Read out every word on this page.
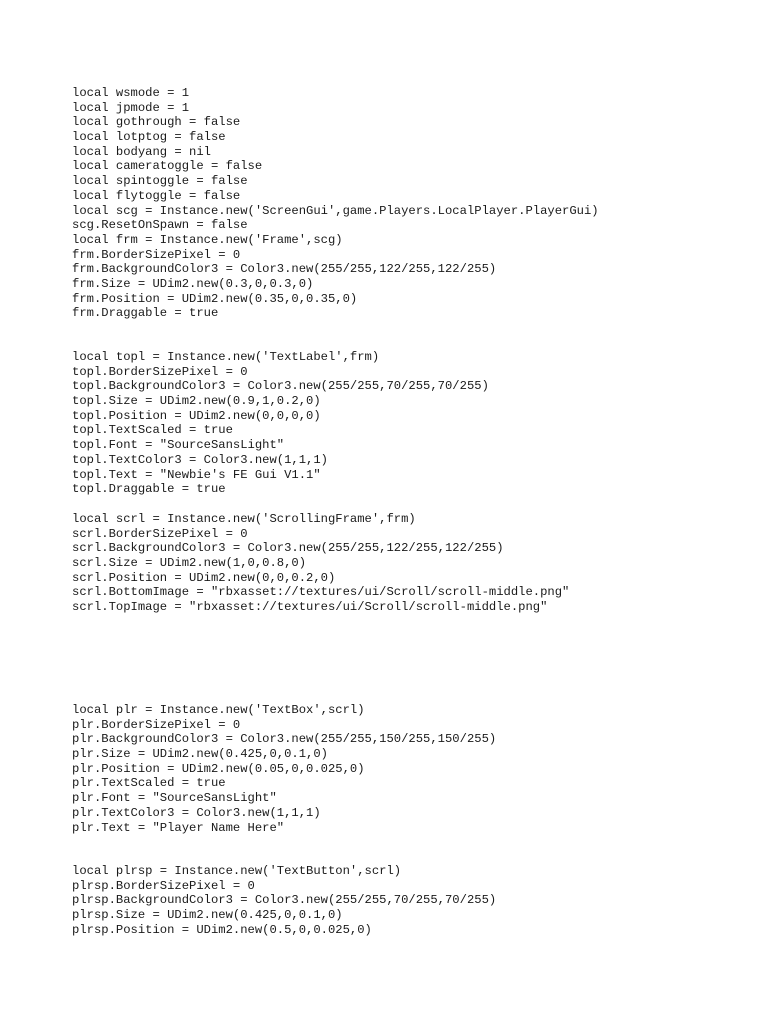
local wsmode = 1
local jpmode = 1
local gothrough = false
local lotptog = false
local bodyang = nil
local cameratoggle = false
local spintoggle = false
local flytoggle = false
local scg = Instance.new('ScreenGui',game.Players.LocalPlayer.PlayerGui)
scg.ResetOnSpawn = false
local frm = Instance.new('Frame',scg)
frm.BorderSizePixel = 0
frm.BackgroundColor3 = Color3.new(255/255,122/255,122/255)
frm.Size = UDim2.new(0.3,0,0.3,0)
frm.Position = UDim2.new(0.35,0,0.35,0)
frm.Draggable = true
local topl = Instance.new('TextLabel',frm)
topl.BorderSizePixel = 0
topl.BackgroundColor3 = Color3.new(255/255,70/255,70/255)
topl.Size = UDim2.new(0.9,1,0.2,0)
topl.Position = UDim2.new(0,0,0,0)
topl.TextScaled = true
topl.Font = "SourceSansLight"
topl.TextColor3 = Color3.new(1,1,1)
topl.Text = "Newbie's FE Gui V1.1"
topl.Draggable = true
local scrl = Instance.new('ScrollingFrame',frm)
scrl.BorderSizePixel = 0
scrl.BackgroundColor3 = Color3.new(255/255,122/255,122/255)
scrl.Size = UDim2.new(1,0,0.8,0)
scrl.Position = UDim2.new(0,0,0.2,0)
scrl.BottomImage = "rbxasset://textures/ui/Scroll/scroll-middle.png"
scrl.TopImage = "rbxasset://textures/ui/Scroll/scroll-middle.png"
local plr = Instance.new('TextBox',scrl)
plr.BorderSizePixel = 0
plr.BackgroundColor3 = Color3.new(255/255,150/255,150/255)
plr.Size = UDim2.new(0.425,0,0.1,0)
plr.Position = UDim2.new(0.05,0,0.025,0)
plr.TextScaled = true
plr.Font = "SourceSansLight"
plr.TextColor3 = Color3.new(1,1,1)
plr.Text = "Player Name Here"
local plrsp = Instance.new('TextButton',scrl)
plrsp.BorderSizePixel = 0
plrsp.BackgroundColor3 = Color3.new(255/255,70/255,70/255)
plrsp.Size = UDim2.new(0.425,0,0.1,0)
plrsp.Position = UDim2.new(0.5,0,0.025,0)
